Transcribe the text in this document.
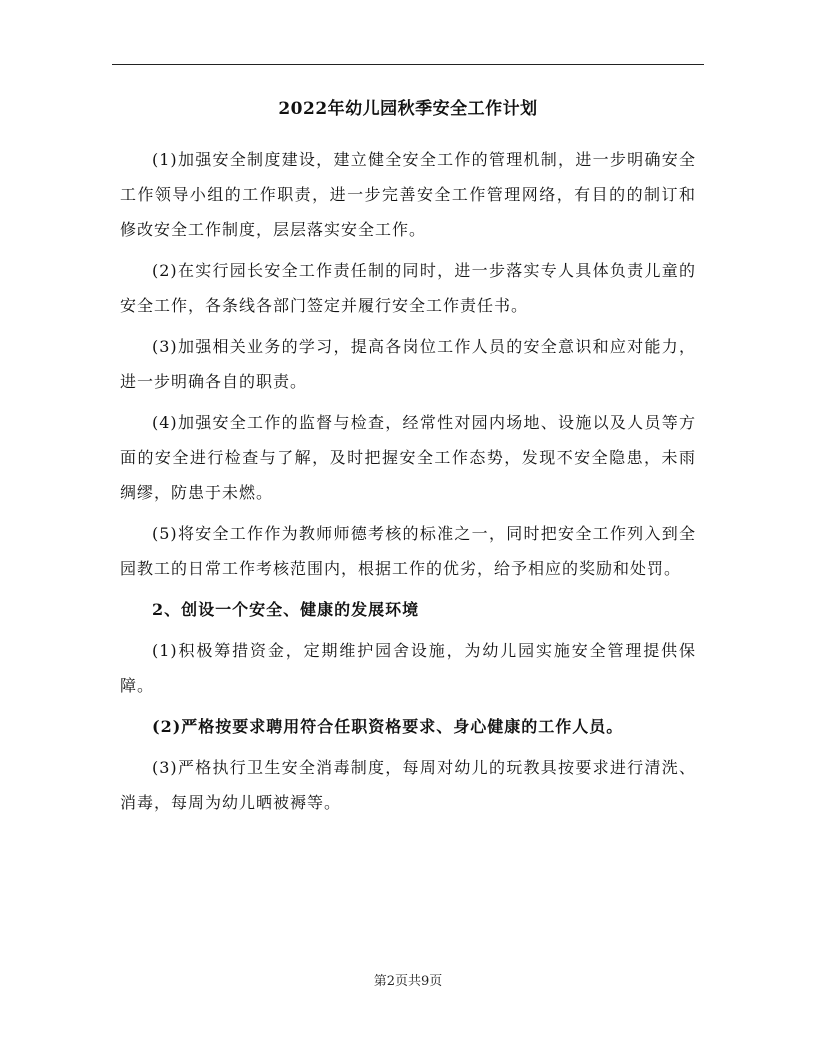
2022年幼儿园秋季安全工作计划

(1)加强安全制度建设，建立健全安全工作的管理机制，进一步明确安全工作领导小组的工作职责，进一步完善安全工作管理网络，有目的的制订和修改安全工作制度，层层落实安全工作。

(2)在实行园长安全工作责任制的同时，进一步落实专人具体负责儿童的安全工作，各条线各部门签定并履行安全工作责任书。

(3)加强相关业务的学习，提高各岗位工作人员的安全意识和应对能力，进一步明确各自的职责。

(4)加强安全工作的监督与检查，经常性对园内场地、设施以及人员等方面的安全进行检查与了解，及时把握安全工作态势，发现不安全隐患，未雨绸缪，防患于未燃。

(5)将安全工作作为教师师德考核的标准之一，同时把安全工作列入到全园教工的日常工作考核范围内，根据工作的优劣，给予相应的奖励和处罚。

2、创设一个安全、健康的发展环境

(1)积极筹措资金，定期维护园舍设施，为幼儿园实施安全管理提供保障。

(2)严格按要求聘用符合任职资格要求、身心健康的工作人员。

(3)严格执行卫生安全消毒制度，每周对幼儿的玩教具按要求进行清洗、消毒，每周为幼儿晒被褥等。

第2页共9页
